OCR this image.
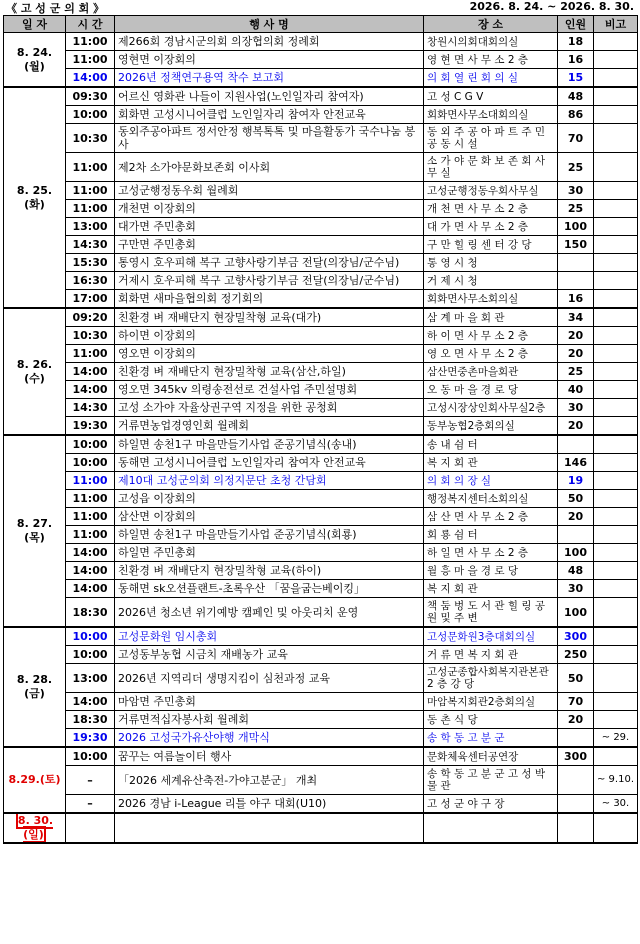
《 고 성 군 의 회 》	2026. 8. 24. ~ 2026. 8. 30.
일 자	시 간	행 사 명	장 소	인원	비고
8. 24.
(월)	11:00	제266회 경남시군의회 의장협의회 정례회	창원시의회대회의실	18	
	11:00	영현면 이장회의	영 현 면 사 무 소 2 층	16	
	14:00	2026년 정책연구용역 착수 보고회	의 회 열 린 회 의 실	15	
8. 25.
(화)	09:30	어르신 영화관 나들이 지원사업(노인일자리 참여자)	고 성 C G V	48	
	10:00	회화면 고성시니어클럽 노인일자리 참여자 안전교육	회화면사무소대회의실	86	
	10:30	동외주공아파트 정서안정 행복톡톡 및 마을활동가 국수나눔 봉사	동 외 주 공 아 파 트 주 민 공 동 시 설	70	
	11:00	제2차 소가야문화보존회 이사회	소 가 야 문 화 보 존 회 사 무 실	25	
	11:00	고성군행정동우회 월례회	고성군행정동우회사무실	30	
	11:00	개천면 이장회의	개 천 면 사 무 소 2 층	25	
	13:00	대가면 주민총회	대 가 면 사 무 소 2 층	100	
	14:30	구만면 주민총회	구 만 힐 링 센 터 강 당	150	
	15:30	통영시 호우피해 복구 고향사랑기부금 전달(의장님/군수님)	통 영 시 청		
	16:30	거제시 호우피해 복구 고향사랑기부금 전달(의장님/군수님)	거 제 시 청		
	17:00	회화면 새마을협의회 정기회의	회화면사무소회의실	16	
8. 26.
(수)	09:20	친환경 벼 재배단지 현장밀착형 교육(대가)	삼 계 마 을 회 관	34	
	10:30	하이면 이장회의	하 이 면 사 무 소 2 층	20	
	11:00	영오면 이장회의	영 오 면 사 무 소 2 층	20	
	14:00	친환경 벼 재배단지 현장밀착형 교육(삼산,하일)	삼산면중촌마을회관	25	
	14:00	영오면 345kv 의령송전선로 건설사업 주민설명회	오 동 마 을 경 로 당	40	
	14:30	고성 소가야 자율상권구역 지정을 위한 공청회	고성시장상인회사무실2층	30	
	19:30	거류면농업경영인회 월례회	동부농협2층회의실	20	
8. 27.
(목)	10:00	하일면 송천1구 마을만들기사업 준공기념식(송내)	송 내 쉼 터		
	10:00	동해면 고성시니어클럽 노인일자리 참여자 안전교육	복 지 회 관	146	
	11:00	제10대 고성군의회 의정지문단 초청 간담회	의 회 의 장 실	19	
	11:00	고성읍 이장회의	행정복지센터소회의실	50	
	11:00	삼산면 이장회의	삼 산 면 사 무 소 2 층	20	
	11:00	하일면 송천1구 마을만들기사업 준공기념식(회룡)	회 룡 쉼 터		
	14:00	하일면 주민총회	하 일 면 사 무 소 2 층	100	
	14:00	친환경 벼 재배단지 현장밀착형 교육(하이)	월 흥 마 을 경 로 당	48	
	14:00	동해면 sk오션플랜트-초록우산 「꿈을굽는베이킹」	복 지 회 관	30	
	18:30	2026년 청소년 위기예방 캠페인 및 아웃리치 운영	책 둠 벙 도 서 관 힐 링 공 원 및 주 변	100	
8. 28.
(금)	10:00	고성문화원 임시총회	고성문화원3층대회의실	300	
	10:00	고성동부농협 시금치 재배농가 교육	거 류 면 복 지 회 관	250	
	13:00	2026년 지역리더 생명지킴이 심천과정 교육	고성군종합사회복지관본관 2 층 강 당	50	
	14:00	마암면 주민총회	마암복지회관2층회의실	70	
	18:30	거류면적십자봉사회 월례회	동 촌 식 당	20	
	19:30	2026 고성국가유산야행 개막식	송 학 동 고 분 군		~ 29.
8.29.(토)	10:00	꿈꾸는 여름놀이터 행사	문화체육센터공연장	300	
	–	「2026 세계유산축전-가야고분군」 개최	송 학 동 고 분 군 고 성 박 물 관		~ 9.10.
	–	2026 경남 i-League 리틀 야구 대회(U10)	고 성 군 야 구 장		~ 30.
8. 30.(일)					
